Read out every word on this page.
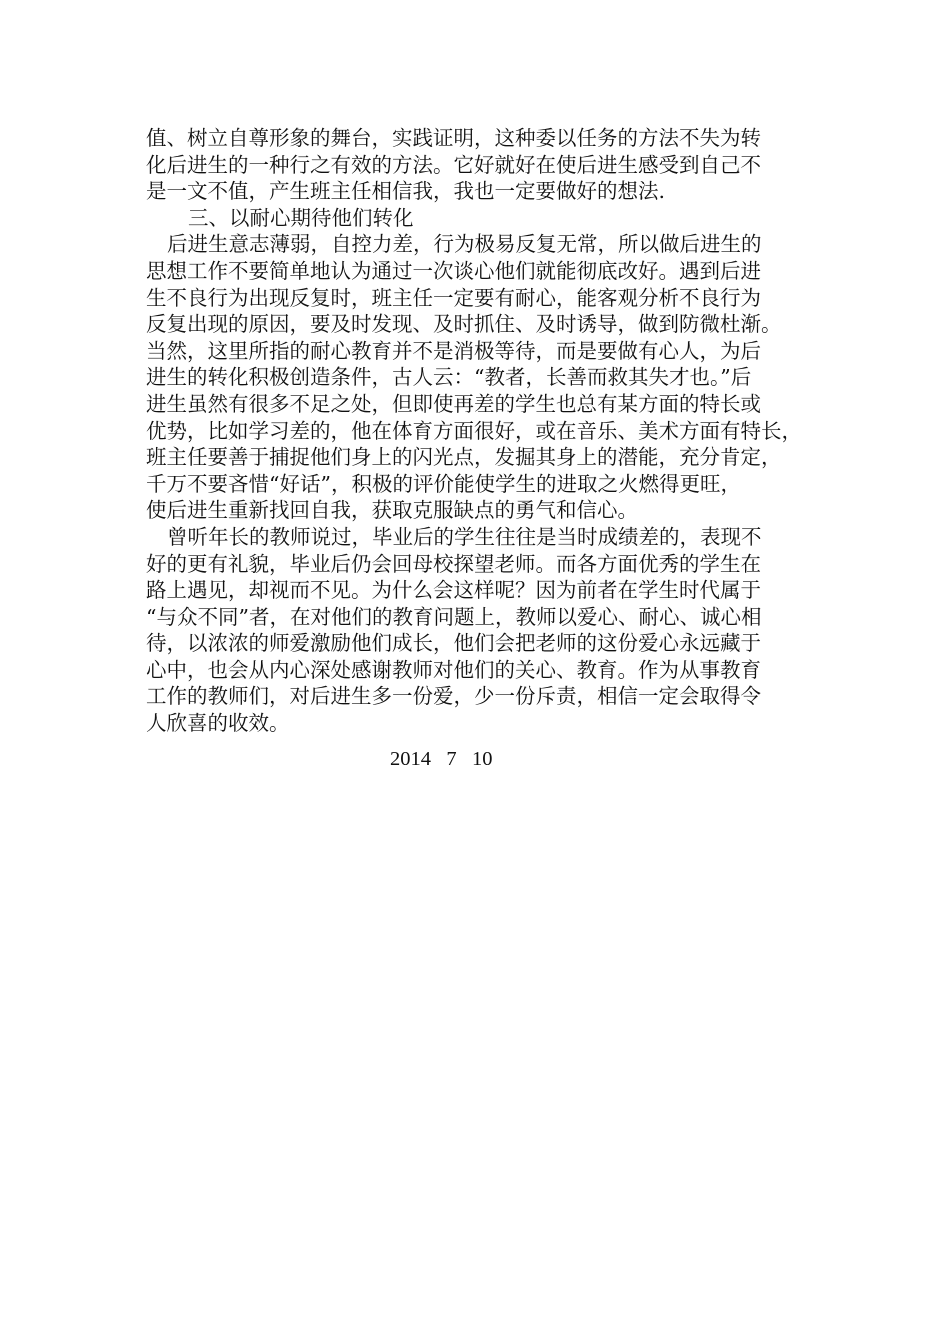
值、树立自尊形象的舞台，实践证明，这种委以任务的方法不失为转
化后进生的一种行之有效的方法。它好就好在使后进生感受到自己不
是一文不值，产生班主任相信我，我也一定要做好的想法.
三、以耐心期待他们转化
后进生意志薄弱，自控力差，行为极易反复无常，所以做后进生的
思想工作不要简单地认为通过一次谈心他们就能彻底改好。遇到后进
生不良行为出现反复时，班主任一定要有耐心，能客观分析不良行为
反复出现的原因，要及时发现、及时抓住、及时诱导，做到防微杜渐。
当然，这里所指的耐心教育并不是消极等待，而是要做有心人，为后
进生的转化积极创造条件，古人云：“教者，长善而救其失才也。”后
进生虽然有很多不足之处，但即使再差的学生也总有某方面的特长或
优势，比如学习差的，他在体育方面很好，或在音乐、美术方面有特长，
班主任要善于捕捉他们身上的闪光点，发掘其身上的潜能，充分肯定，
千万不要吝惜“好话”，积极的评价能使学生的进取之火燃得更旺，
使后进生重新找回自我，获取克服缺点的勇气和信心。
曾听年长的教师说过，毕业后的学生往往是当时成绩差的，表现不
好的更有礼貌，毕业后仍会回母校探望老师。而各方面优秀的学生在
路上遇见，却视而不见。为什么会这样呢？因为前者在学生时代属于
“与众不同”者，在对他们的教育问题上，教师以爱心、耐心、诚心相
待，以浓浓的师爱激励他们成长，他们会把老师的这份爱心永远藏于
心中，也会从内心深处感谢教师对他们的关心、教育。作为从事教育
工作的教师们，对后进生多一份爱，少一份斥责，相信一定会取得令
人欣喜的收效。
2014   7   10
